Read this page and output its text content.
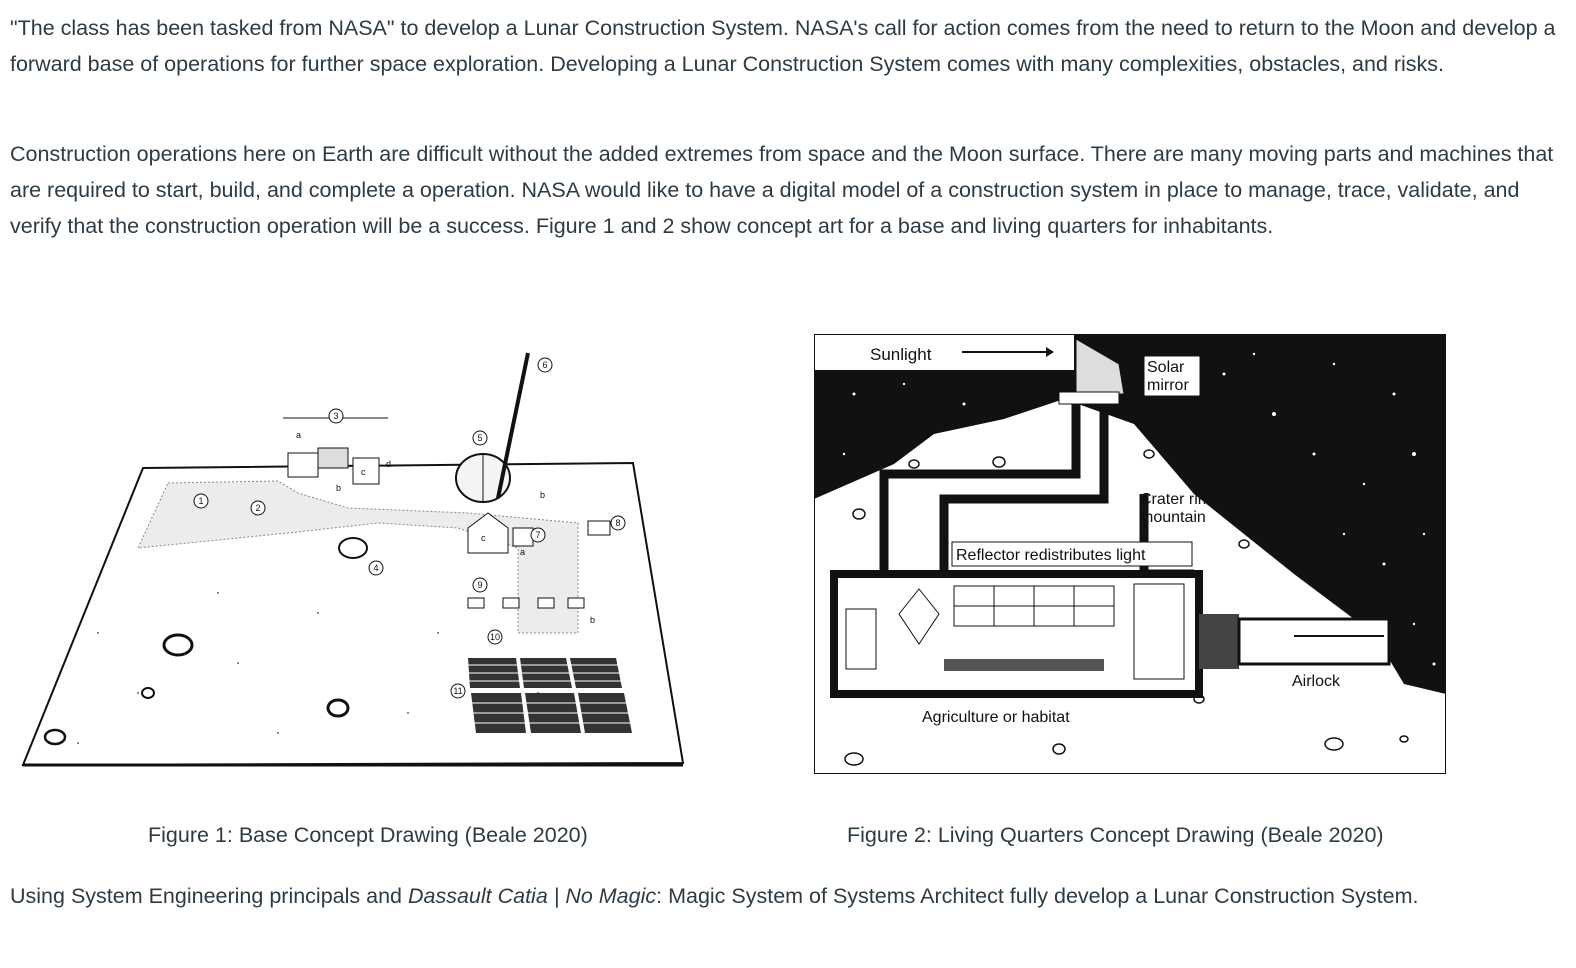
"The class has been tasked from NASA" to develop a Lunar Construction System. NASA's call for action comes from the need to return to the Moon and develop a forward base of operations for further space exploration. Developing a Lunar Construction System comes with many complexities, obstacles, and risks.

Construction operations here on Earth are difficult without the added extremes from space and the Moon surface. There are many moving parts and machines that are required to start, build, and complete a operation. NASA would like to have a digital model of a construction system in place to manage, trace, validate, and verify that the construction operation will be a success. Figure 1 and 2 show concept art for a base and living quarters for inhabitants.

1
2
3
4
5
6
7
8
9
10
11
a
b
c
d
b
c
a
b
Sunlight
Solar
mirror
Crater rim
mountain
Reflector redistributes light
Airlock
Agriculture or habitat
Figure 1: Base Concept Drawing (Beale 2020)	Figure 2: Living Quarters Concept Drawing (Beale 2020)

Using System Engineering principals and Dassault Catia | No Magic: Magic System of Systems Architect fully develop a Lunar Construction System.
